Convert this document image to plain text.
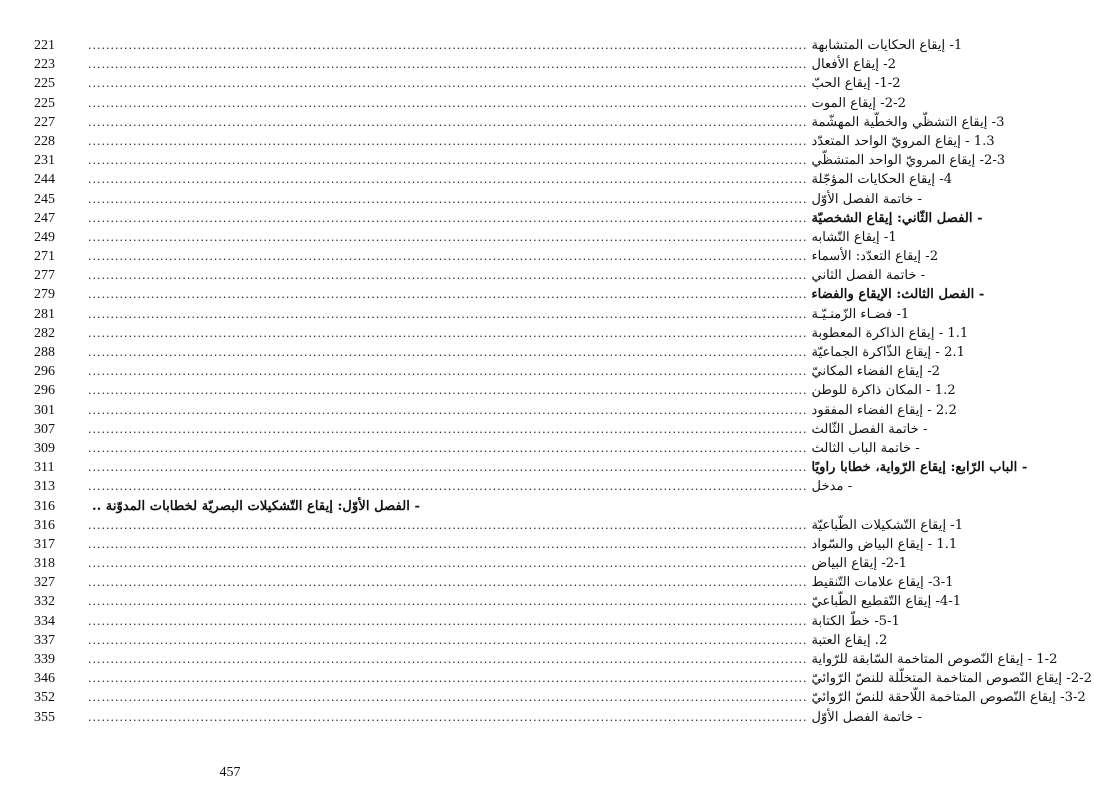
221	................................................................................................................................................................ 1- إيقاع الحكايات المتشابهة
223	................................................................................................................................................................ 2- إيقاع الأفعال
225	................................................................................................................................................................ 1-2- إيقاع الحبّ
225	................................................................................................................................................................ 2-2- إيقاع الموت
227	................................................................................................................................................................ 3- إيقاع التشظّي والخطّية المهشّمة
228	................................................................................................................................................................ 1.3 - إيقاع المرويّ الواحد المتعدّد
231	................................................................................................................................................................ 2-3- إيقاع المرويّ الواحد المتشظّي
244	................................................................................................................................................................ 4- إيقاع الحكايات المؤجّلة
245	................................................................................................................................................................ - خاتمة الفصل الأوّل
247	................................................................................................................................................................ - الفصل الثّاني: إيقاع الشخصيّة
249	................................................................................................................................................................ 1- إيقاع التّشابه
271	................................................................................................................................................................ 2- إيقاع التعدّد: الأسماء
277	................................................................................................................................................................ - خاتمة الفصل الثاني
279	................................................................................................................................................................ - الفصل الثالث: الإيقاع والفضاء
281	................................................................................................................................................................ 1- فضـاء الزّمنـيّـة
282	................................................................................................................................................................ 1.1 - إيقاع الذاكرة المعطوبة
288	................................................................................................................................................................ 2.1 - إيقاع الذّاكرة الجماعيّة
296	................................................................................................................................................................ 2- إيقاع الفضاء المكانيّ
296	................................................................................................................................................................ 1.2 - المكان ذاكرة للوطن
301	................................................................................................................................................................ 2.2 - إيقاع الفضاء المفقود
307	................................................................................................................................................................ - خاتمة الفصل الثّالث
309	................................................................................................................................................................ - خاتمة الباب الثالث
311	................................................................................................................................................................ - الباب الرّابع: إيقاع الرّواية، خطابا راويًا
313	................................................................................................................................................................ - مدخل
316	- الفصل الأوّل: إيقاع التّشكيلات البصريّة لخطابات المدوّنة ..
316	................................................................................................................................................................ 1- إيقاع التّشكيلات الطّباعيّة
317	................................................................................................................................................................ 1.1 - إيقاع البياض والسّواد
318	................................................................................................................................................................ 2-1- إيقاع البياض
327	................................................................................................................................................................ 3-1- إيقاع علامات التّنقيط
332	................................................................................................................................................................ 4-1- إيقاع التّقطيع الطّباعيّ
334	................................................................................................................................................................ 5-1- خطّ الكتابة
337	................................................................................................................................................................ 2. إيقاع العتبة
339	................................................................................................................................................................ 1-2 - إيقاع النّصوص المتاخمة السّابقة للرّواية
346	................................................................................................................................................................ 2-2- إيقاع النّصوص المتاخمة المتخلّلة للنصّ الرّوائيّ
352	................................................................................................................................................................ 3-2- إيقاع النّصوص المتاخمة اللّاحقة للنصّ الرّوائيّ
355	................................................................................................................................................................ - خاتمة الفصل الأوّل
457
